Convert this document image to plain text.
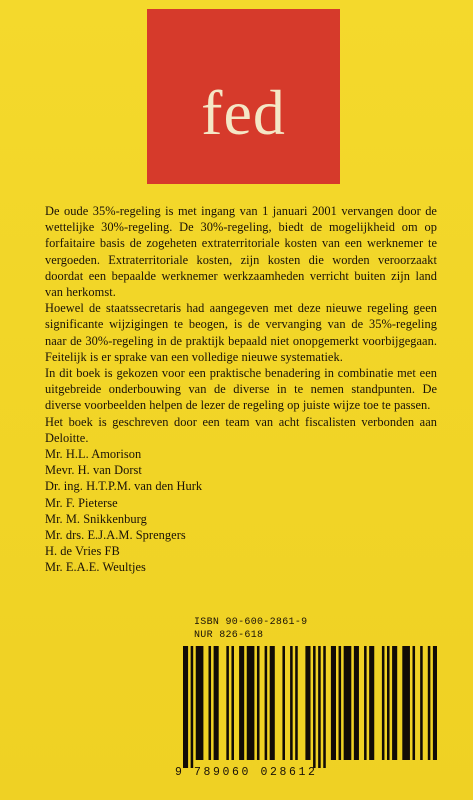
fed

De oude 35%-regeling is met ingang van 1 januari 2001 vervangen door de wettelijke 30%-regeling. De 30%-regeling, biedt de mogelijkheid om op forfaitaire basis de zogeheten extraterritoriale kosten van een werknemer te vergoeden. Extraterritoriale kosten, zijn kosten die worden veroorzaakt doordat een bepaalde werknemer werkzaamheden verricht buiten zijn land van herkomst.

Hoewel de staatssecretaris had aangegeven met deze nieuwe regeling geen significante wijzigingen te beogen, is de vervanging van de 35%-regeling naar de 30%-regeling in de praktijk bepaald niet onopgemerkt voorbijgegaan. Feitelijk is er sprake van een volledige nieuwe systematiek.

In dit boek is gekozen voor een praktische benadering in combinatie met een uitgebreide onderbouwing van de diverse in te nemen standpunten. De diverse voorbeelden helpen de lezer de regeling op juiste wijze toe te passen.

Het boek is geschreven door een team van acht fiscalisten verbonden aan Deloitte.

Mr. H.L. Amorison
Mevr. H. van Dorst
Dr. ing. H.T.P.M. van den Hurk
Mr. F. Pieterse
Mr. M. Snikkenburg
Mr. drs. E.J.A.M. Sprengers
H. de Vries FB
Mr. E.A.E. Weultjes
ISBN 90-600-2861-9
NUR 826-618
9 789060 028612
